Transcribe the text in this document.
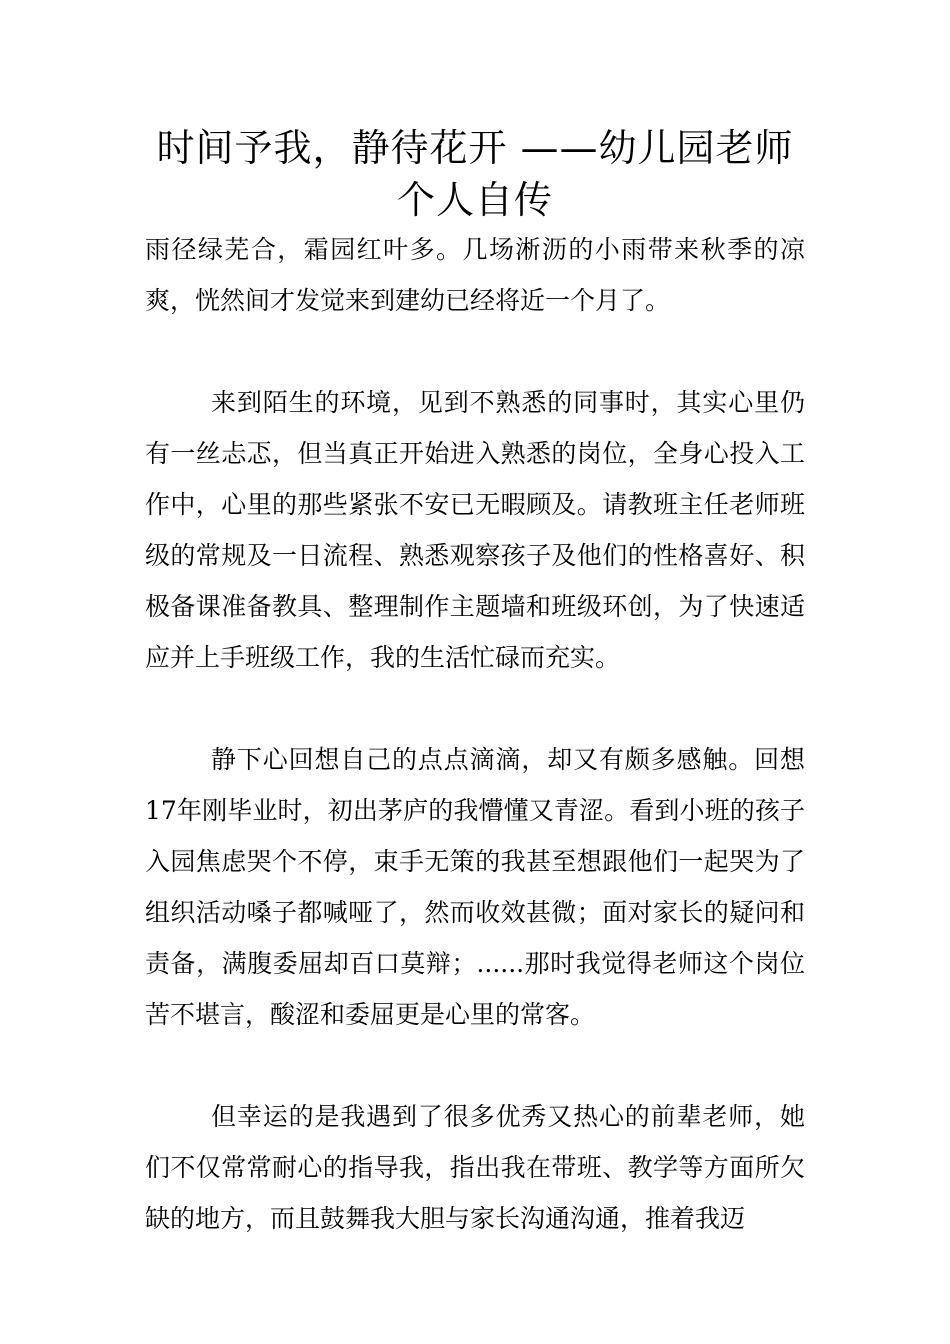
时间予我，静待花开 ——幼儿园老师
个人自传

雨径绿芜合，霜园红叶多。几场淅沥的小雨带来秋季的凉爽，恍然间才发觉来到建幼已经将近一个月了。

来到陌生的环境，见到不熟悉的同事时，其实心里仍有一丝忐忑，但当真正开始进入熟悉的岗位，全身心投入工作中，心里的那些紧张不安已无暇顾及。请教班主任老师班级的常规及一日流程、熟悉观察孩子及他们的性格喜好、积极备课准备教具、整理制作主题墙和班级环创，为了快速适应并上手班级工作，我的生活忙碌而充实。

静下心回想自己的点点滴滴，却又有颇多感触。回想17年刚毕业时，初出茅庐的我懵懂又青涩。看到小班的孩子入园焦虑哭个不停，束手无策的我甚至想跟他们一起哭为了组织活动嗓子都喊哑了，然而收效甚微；面对家长的疑问和责备，满腹委屈却百口莫辩；......那时我觉得老师这个岗位苦不堪言，酸涩和委屈更是心里的常客。

但幸运的是我遇到了很多优秀又热心的前辈老师，她们不仅常常耐心的指导我，指出我在带班、教学等方面所欠缺的地方，而且鼓舞我大胆与家长沟通沟通，推着我迈
